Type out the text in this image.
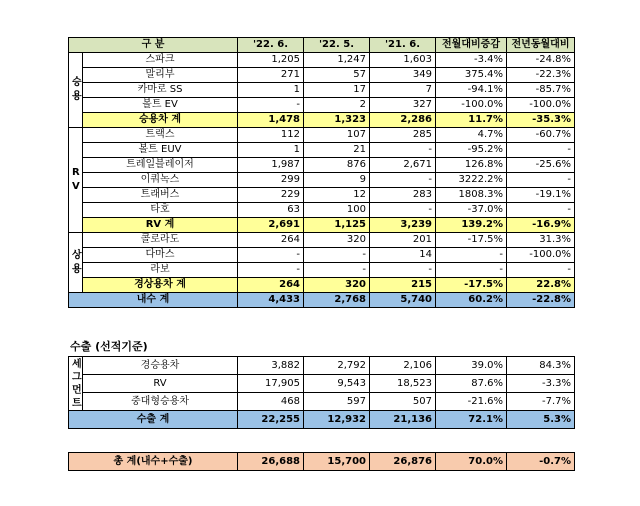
구 분		'22. 6.	'22. 5.	'21. 6.	전월대비증감	전년동월대비
승용	스파크	1,205	1,247	1,603	-3.4%	-24.8%
	말리부	271	57	349	375.4%	-22.3%
	카마로 SS	1	17	7	-94.1%	-85.7%
	볼트 EV	-	2	327	-100.0%	-100.0%
	승용차 계	1,478	1,323	2,286	11.7%	-35.3%
RV	트랙스	112	107	285	4.7%	-60.7%
	볼트 EUV	1	21	-	-95.2%	-
	트레일블레이저	1,987	876	2,671	126.8%	-25.6%
	이쿼녹스	299	9	-	3222.2%	-
	트래버스	229	12	283	1808.3%	-19.1%
	타호	63	100	-	-37.0%	-
	RV 계	2,691	1,125	3,239	139.2%	-16.9%
상용	콜로라도	264	320	201	-17.5%	31.3%
	다마스	-	-	14	-	-100.0%
	라보	-	-	-	-	-
	경상용차 계	264	320	215	-17.5%	22.8%
내수 계		4,433	2,768	5,740	60.2%	-22.8%
수출 (선적기준)
세그먼트	경승용차	3,882	2,792	2,106	39.0%	84.3%
	RV	17,905	9,543	18,523	87.6%	-3.3%
	중대형승용차	468	597	507	-21.6%	-7.7%
수출 계		22,255	12,932	21,136	72.1%	5.3%
총 계(내수+수출)	26,688	15,700	26,876	70.0%	-0.7%
